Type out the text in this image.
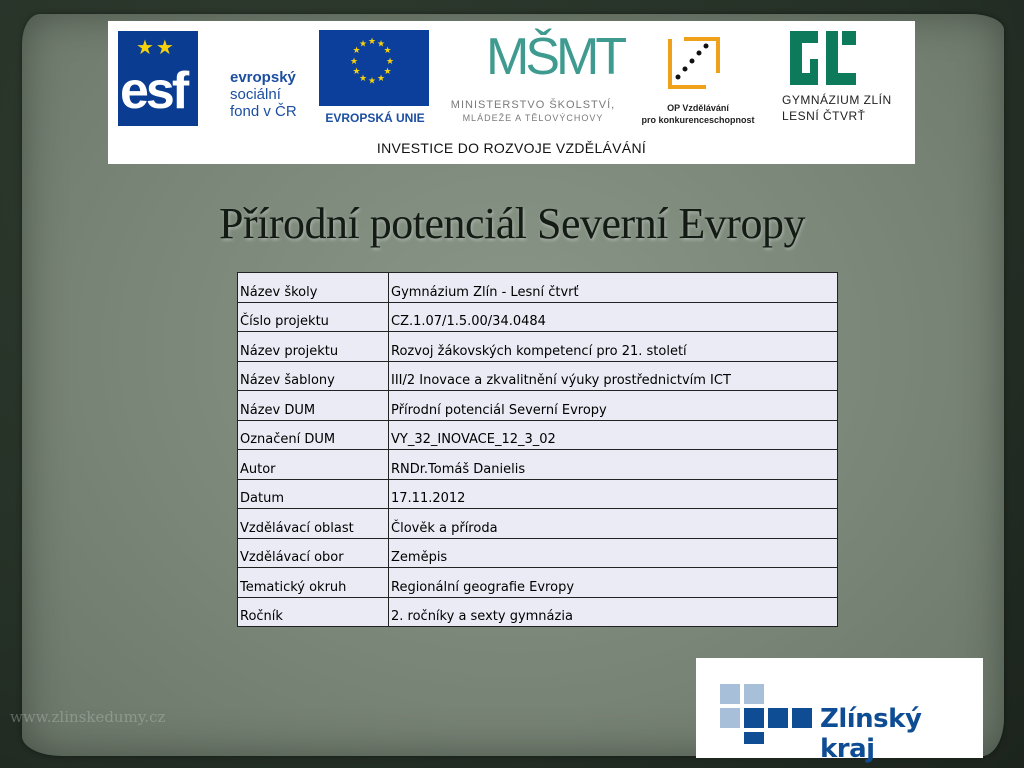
★★
esf	evropský
sociální
fond v ČR
★ ★
★
★
★
★
★
★
★
★
★
★
EVROPSKÁ UNIE
MŠMT
MINISTERSTVO ŠKOLSTVÍ,
MLÁDEŽE A TĚLOVÝCHOVY
OP Vzdělávání
pro konkurenceschopnost
GYMNÁZIUM ZLÍN
LESNÍ ČTVRŤ
INVESTICE DO ROZVOJE VZDĚLÁVÁNÍ
Přírodní potenciál Severní Evropy
Název školy	Gymnázium Zlín - Lesní čtvrť
Číslo projektu	CZ.1.07/1.5.00/34.0484
Název projektu	Rozvoj žákovských kompetencí pro 21. století
Název šablony	III/2 Inovace a zkvalitnění výuky prostřednictvím ICT
Název DUM	Přírodní potenciál Severní Evropy
Označení DUM	VY_32_INOVACE_12_3_02
Autor	RNDr.Tomáš Danielis
Datum	17.11.2012
Vzdělávací oblast	Člověk a příroda
Vzdělávací obor	Zeměpis
Tematický okruh	Regionální geografie Evropy
Ročník	2. ročníky a sexty gymnázia
www.zlinskedumy.cz	Zlínský kraj
